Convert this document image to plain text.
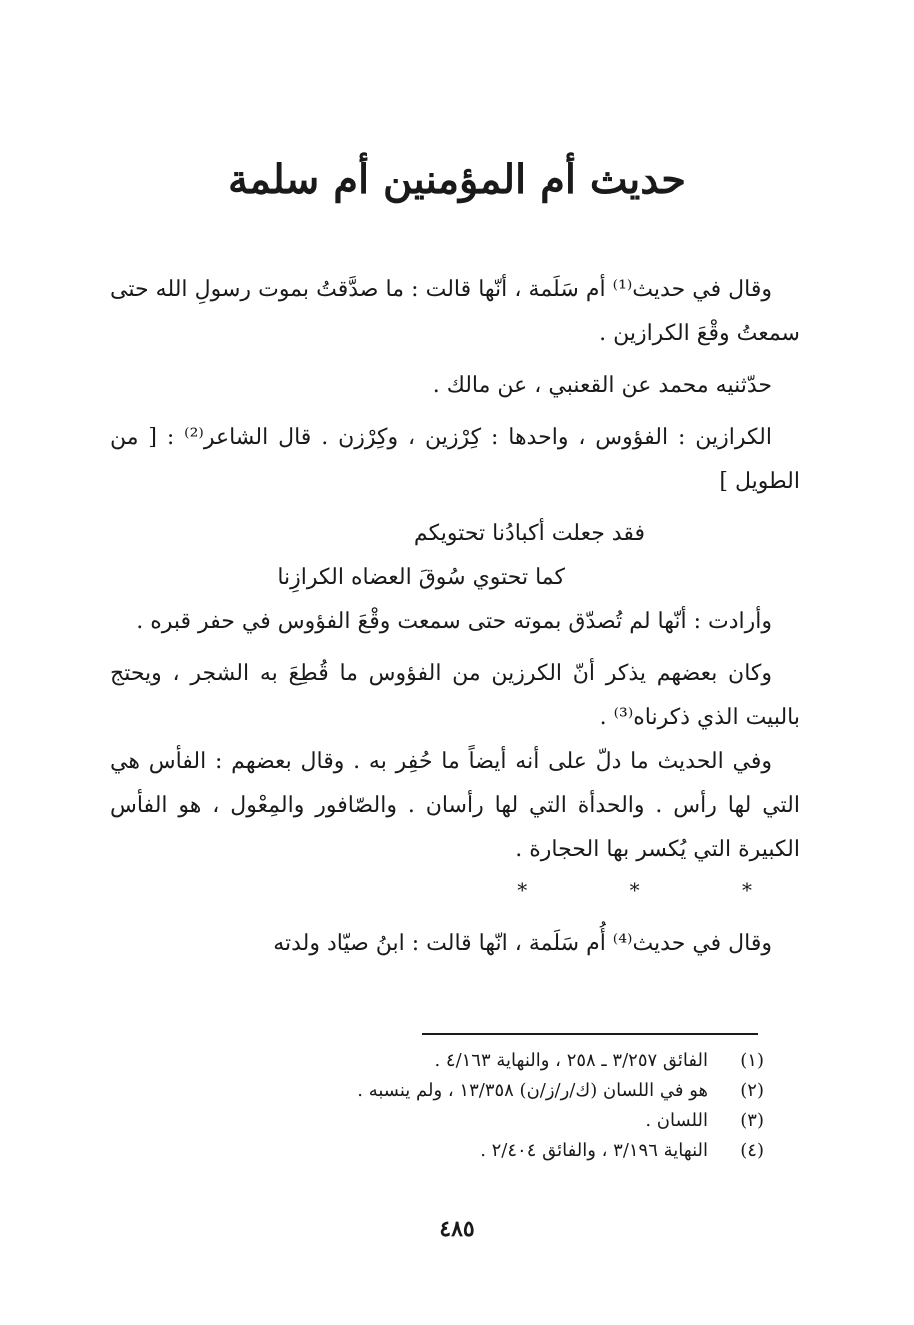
حديث أم المؤمنين أم سلمة

وقال في حديث⁽¹⁾ أم سَلَمة ، أنّها قالت : ما صدَّقتُ بموت رسولِ الله حتى سمعتُ وقْعَ الكرازين .

حدّثنيه محمد عن القعنبي ، عن مالك .

الكرازين : الفؤوس ، واحدها : كِرْزين ، وكِرْزن . قال الشاعر⁽²⁾ : [ من الطويل ]

فقد جعلت أكبادُنا تحتويكم

كما تحتوي سُوقَ العضاه الكرازِنا

وأرادت : أنّها لم تُصدّق بموته حتى سمعت وقْعَ الفؤوس في حفر قبره .

وكان بعضهم يذكر أنّ الكرزين من الفؤوس ما قُطِعَ به الشجر ، ويحتج بالبيت الذي ذكرناه⁽³⁾ .

وفي الحديث ما دلّ على أنه أيضاً ما حُفِر به . وقال بعضهم : الفأس هي التي لها رأس . والحدأة التي لها رأسان . والصّافور والمِعْول ، هو الفأس الكبيرة التي يُكسر بها الحجارة .

* * *

وقال في حديث⁽⁴⁾ أُم سَلَمة ، انّها قالت : ابنُ صيّاد ولدته

(١)
الفائق ٣/٢٥٧ ـ ٢٥٨ ، والنهاية ٤/١٦٣ .
(٢)
هو في اللسان (ك/ر/ز/ن) ١٣/٣٥٨ ، ولم ينسبه .
(٣)
اللسان .
(٤)
النهاية ٣/١٩٦ ، والفائق ٢/٤٠٤ .
٤٨٥
